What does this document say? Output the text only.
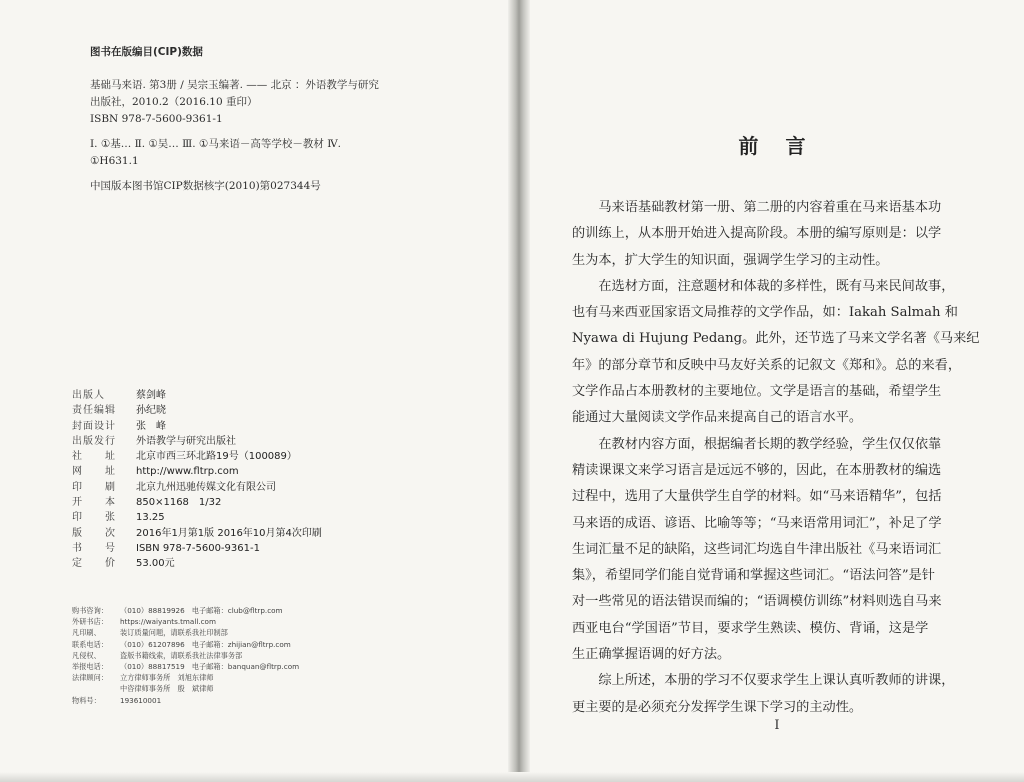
图书在版编目(CIP)数据
基础马来语. 第3册 / 吴宗玉编著. —— 北京 ：外语教学与研究
出版社，2010.2（2016.10 重印）
ISBN 978-7-5600-9361-1
Ⅰ. ①基… Ⅱ. ①吴… Ⅲ. ①马来语－高等学校－教材 Ⅳ.
①H631.1
中国版本图书馆CIP数据核字(2010)第027344号
出版人	蔡剑峰
责任编辑	孙纪晓
封面设计	张　峰
出版发行	外语教学与研究出版社
社　　址	北京市西三环北路19号（100089）
网　　址	http://www.fltrp.com
印　　刷	北京九州迅驰传媒文化有限公司
开　　本	850×1168　1/32
印　　张	13.25
版　　次	2016年1月第1版 2016年10月第4次印刷
书　　号	ISBN 978-7-5600-9361-1
定　　价	53.00元
购书咨询：	（010）88819926　电子邮箱：club@fltrp.com
外研书店：	https://waiyants.tmall.com
凡印刷、	装订质量问题，请联系我社印制部
联系电话：	（010）61207896　电子邮箱：zhijian@fltrp.com
凡侵权、	盗版书籍线索，请联系我社法律事务部
举报电话：	（010）88817519　电子邮箱：banquan@fltrp.com
法律顾问：	立方律师事务所　刘旭东律师
中咨律师事务所　殷　斌律师
物料号：	193610001
前 言
　　马来语基础教材第一册、第二册的内容着重在马来语基本功
的训练上，从本册开始进入提高阶段。本册的编写原则是：以学
生为本，扩大学生的知识面，强调学生学习的主动性。
　　在选材方面，注意题材和体裁的多样性，既有马来民间故事，
也有马来西亚国家语文局推荐的文学作品，如：Iakah Salmah 和
Nyawa di Hujung Pedang。此外，还节选了马来文学名著《马来纪
年》的部分章节和反映中马友好关系的记叙文《郑和》。总的来看，
文学作品占本册教材的主要地位。文学是语言的基础，希望学生
能通过大量阅读文学作品来提高自己的语言水平。
　　在教材内容方面，根据编者长期的教学经验，学生仅仅依靠
精读课课文来学习语言是远远不够的，因此，在本册教材的编选
过程中，选用了大量供学生自学的材料。如“马来语精华”，包括
马来语的成语、谚语、比喻等等；“马来语常用词汇”，补足了学
生词汇量不足的缺陷，这些词汇均选自牛津出版社《马来语词汇
集》，希望同学们能自觉背诵和掌握这些词汇。“语法问答”是针
对一些常见的语法错误而编的；“语调模仿训练”材料则选自马来
西亚电台“学国语”节目，要求学生熟读、模仿、背诵，这是学
生正确掌握语调的好方法。
　　综上所述，本册的学习不仅要求学生上课认真听教师的讲课，
更主要的是必须充分发挥学生课下学习的主动性。
I
